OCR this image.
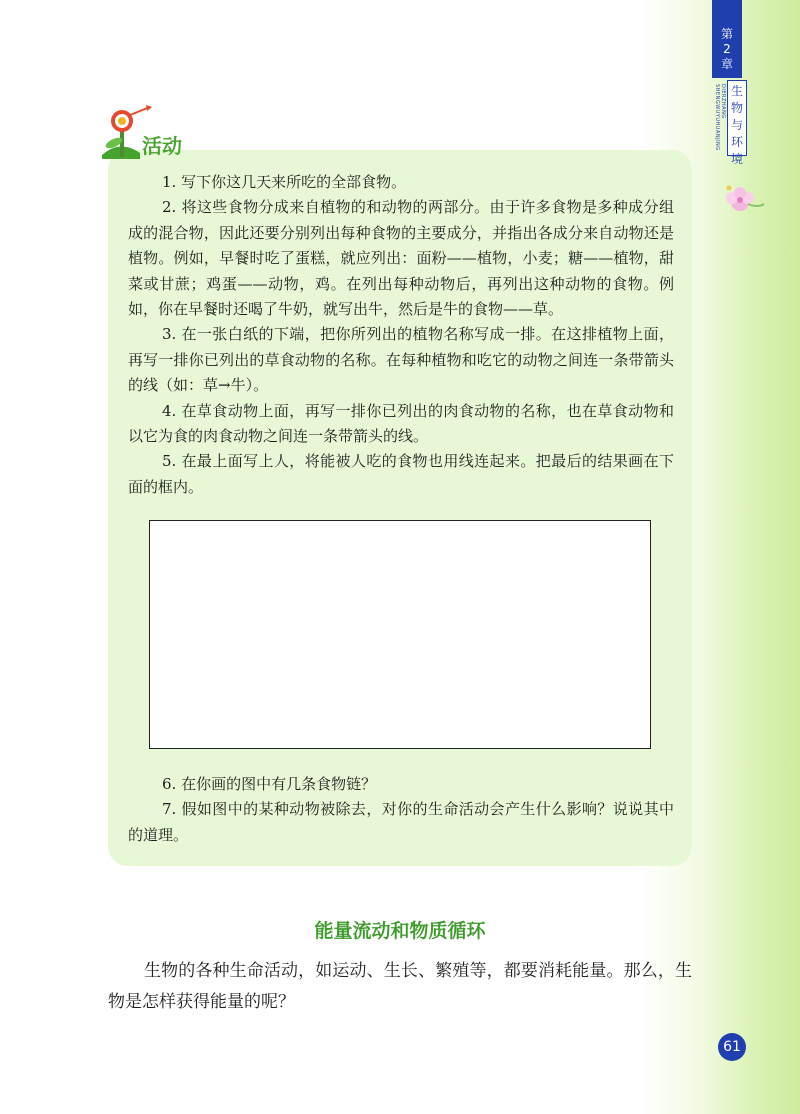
第
2
章
DIERZHANG SHENGWUYUHUANJING 生
物
与
环
境
活动

1. 写下你这几天来所吃的全部食物。

2. 将这些食物分成来自植物的和动物的两部分。由于许多食物是多种成分组成的混合物，因此还要分别列出每种食物的主要成分，并指出各成分来自动物还是植物。例如，早餐时吃了蛋糕，就应列出：面粉——植物，小麦；糖——植物，甜菜或甘蔗；鸡蛋——动物，鸡。在列出每种动物后，再列出这种动物的食物。例如，你在早餐时还喝了牛奶，就写出牛，然后是牛的食物——草。

3. 在一张白纸的下端，把你所列出的植物名称写成一排。在这排植物上面，再写一排你已列出的草食动物的名称。在每种植物和吃它的动物之间连一条带箭头的线（如：草→牛）。

4. 在草食动物上面，再写一排你已列出的肉食动物的名称，也在草食动物和以它为食的肉食动物之间连一条带箭头的线。

5. 在最上面写上人，将能被人吃的食物也用线连起来。把最后的结果画在下面的框内。

6. 在你画的图中有几条食物链？

7. 假如图中的某种动物被除去，对你的生命活动会产生什么影响？说说其中的道理。

能量流动和物质循环

生物的各种生命活动，如运动、生长、繁殖等，都要消耗能量。那么，生物是怎样获得能量的呢？

61
